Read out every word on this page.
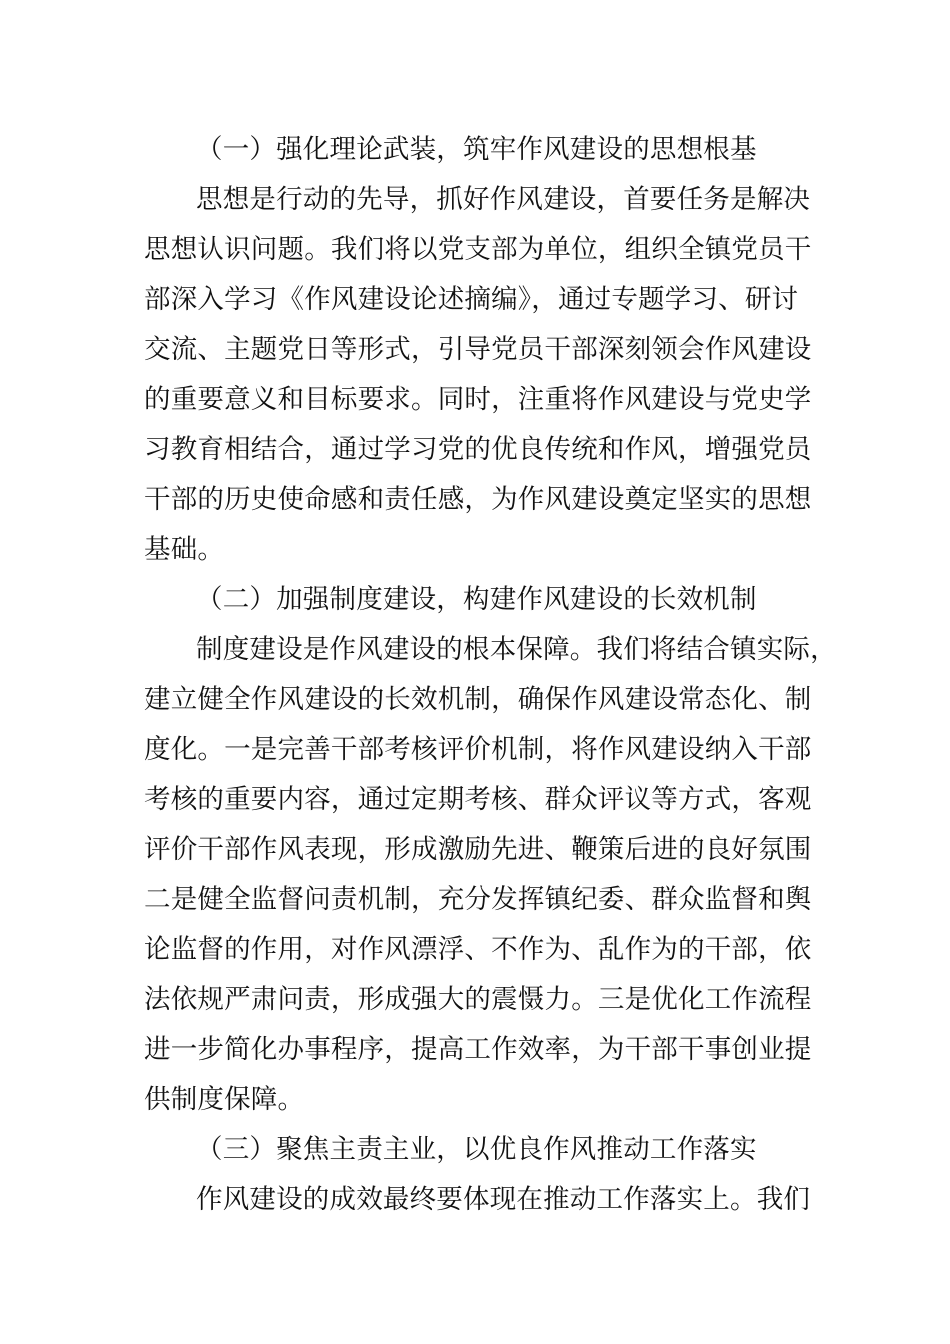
（一）强化理论武装，筑牢作风建设的思想根基
思想是行动的先导，抓好作风建设，首要任务是解决
思想认识问题。我们将以党支部为单位，组织全镇党员干
部深入学习《作风建设论述摘编》，通过专题学习、研讨
交流、主题党日等形式，引导党员干部深刻领会作风建设
的重要意义和目标要求。同时，注重将作风建设与党史学
习教育相结合，通过学习党的优良传统和作风，增强党员
干部的历史使命感和责任感，为作风建设奠定坚实的思想
基础。
（二）加强制度建设，构建作风建设的长效机制
制度建设是作风建设的根本保障。我们将结合镇实际，
建立健全作风建设的长效机制，确保作风建设常态化、制
度化。一是完善干部考核评价机制，将作风建设纳入干部
考核的重要内容，通过定期考核、群众评议等方式，客观
评价干部作风表现，形成激励先进、鞭策后进的良好氛围
二是健全监督问责机制，充分发挥镇纪委、群众监督和舆
论监督的作用，对作风漂浮、不作为、乱作为的干部，依
法依规严肃问责，形成强大的震慑力。三是优化工作流程
进一步简化办事程序，提高工作效率，为干部干事创业提
供制度保障。
（三）聚焦主责主业，以优良作风推动工作落实
作风建设的成效最终要体现在推动工作落实上。我们
